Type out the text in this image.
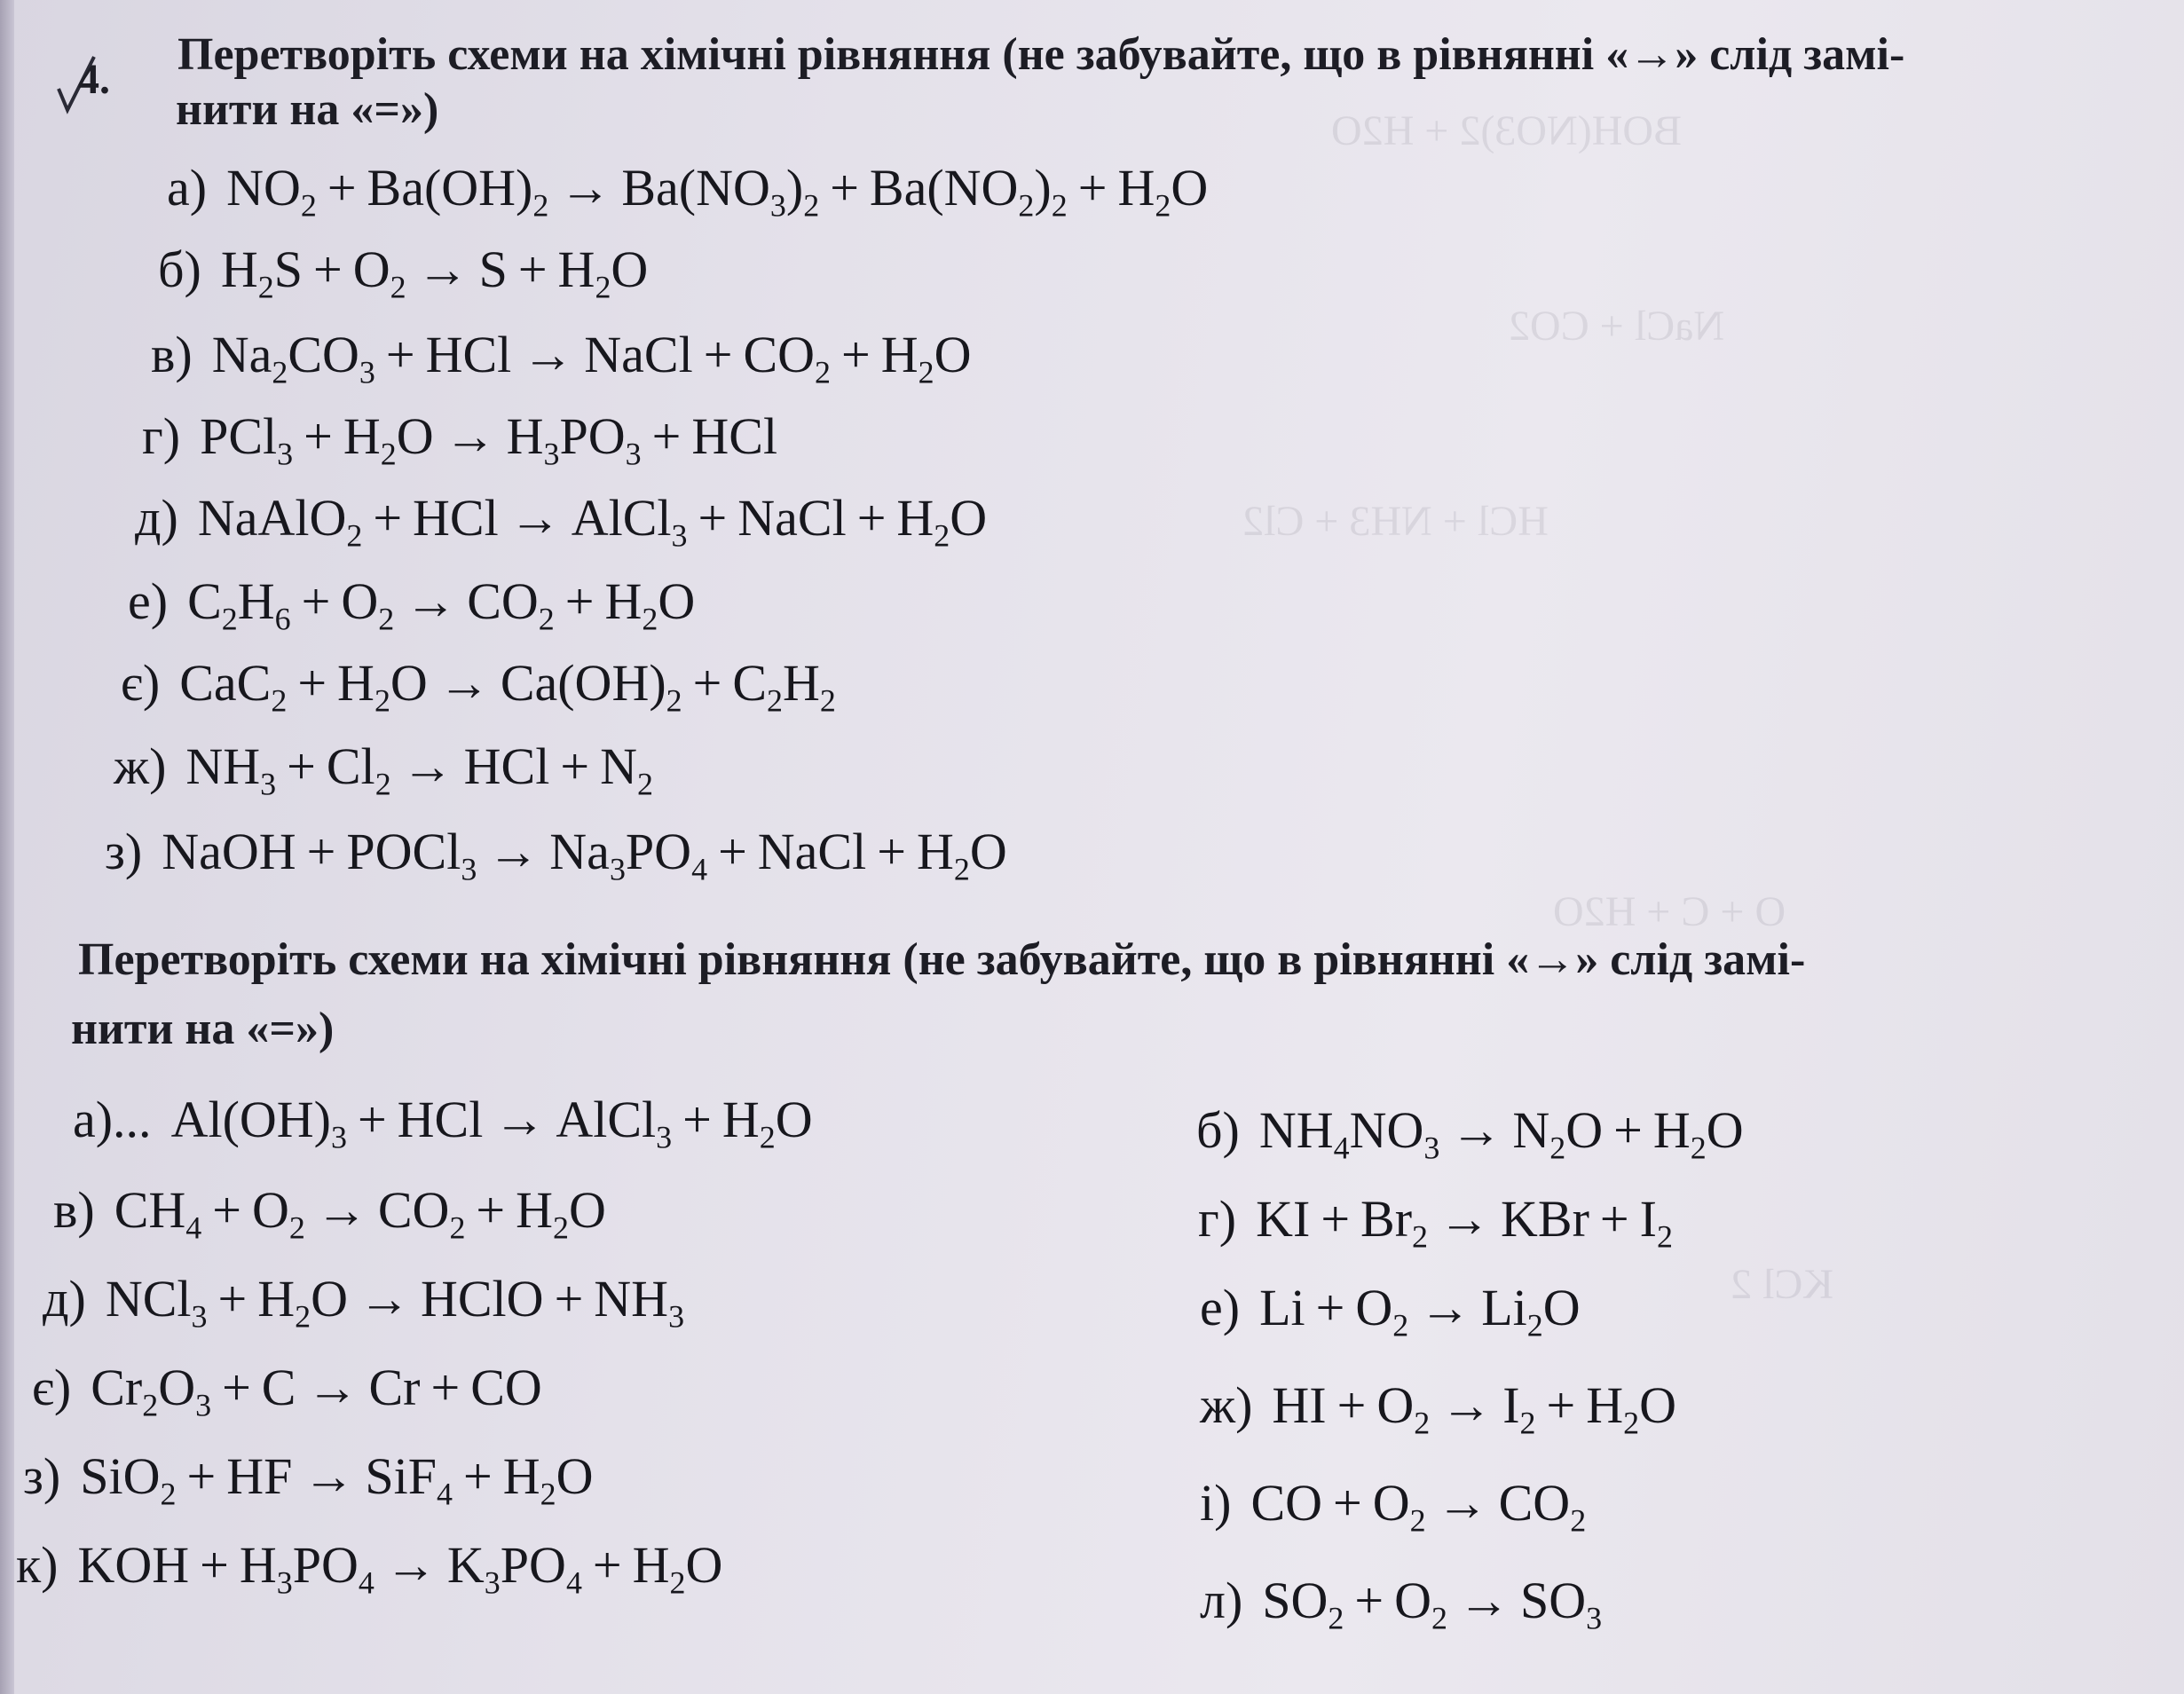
BOH(NO3)2 + H2O
NaCl + CO2
HCl + NH3 + Cl2
O + C + H2O
KCl 2
4. Перетворіть схеми на хімічні рівняння (не забувайте, що в рівнянні «→» слід замі-
нити на «=»)
а) $NO_2 + Ba(OH)_2 \to Ba(NO_3)_2 + Ba(NO_2)_2 + H_2O$
б) $H_2S + O_2 \to S + H_2O$
в) $Na_2CO_3$ + HCl → NaCl + $CO_2 + H_2O$
г) $PCl_3 + H_2O \to H_3PO_3$ + HCl
д) NaAlO$_2$ + HCl → AlCl$_3$ + NaCl + $H_2O$
е) $C_2H_6 + O_2 \to CO_2 + H_2O$
є) $CaC_2 + H_2O \to Ca(OH)_2 + C_2H_2$
ж) $NH_3 + Cl_2$ → HCl + $N_2$
з) NaOH + POCl$_3$ → $Na_3PO_4$ + NaCl + $H_2O$
Перетворіть схеми на хімічні рівняння (не забувайте, що в рівнянні «→» слід замі-
нити на «=»)
а)... $Al(OH)_3$ + HCl → AlCl$_3$ + $H_2O$
в) $CH_4 + O_2 \to CO_2 + H_2O$
д) $NCl_3 + H_2O$ → HClO + $NH_3$
є) $Cr_2O_3 + C \to Cr$ + CO
з) SiO$_2$ + HF → $SiF_4 + H_2O$
к) KOH + $H_3PO_4 \to K_3PO_4 + H_2O$
б) $NH_4NO_3 \to N_2O + H_2O$
г) KI + $Br_2$ → KBr + $I_2$
е) $Li + O_2 \to Li_2O$
ж) HI + $O_2 \to I_2 + H_2O$
і) CO + $O_2 \to CO_2$
л) $SO_2 + O_2 \to SO_3$
